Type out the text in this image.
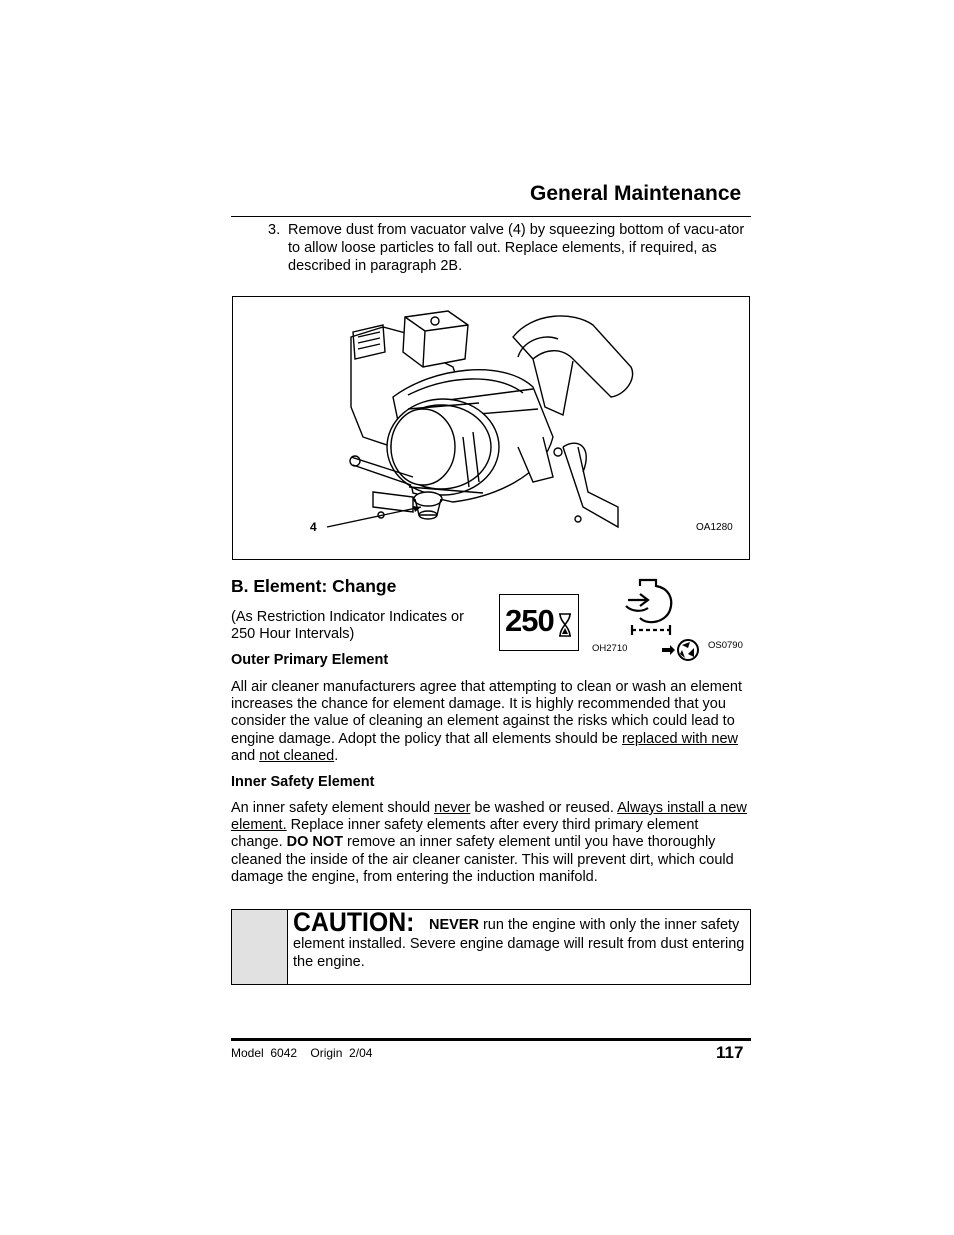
General Maintenance
3. Remove dust from vacuator valve (4) by squeezing bottom of vacu-ator to allow loose particles to fall out. Replace elements, if required, as described in paragraph 2B.
4	OA1280
B. Element: Change
(As Restriction Indicator Indicates or 250 Hour Intervals)	250
OH2710	OS0790
Outer Primary Element
All air cleaner manufacturers agree that attempting to clean or wash an element increases the chance for element damage. It is highly recommended that you consider the value of cleaning an element against the risks which could lead to engine damage. Adopt the policy that all elements should be replaced with new and not cleaned.
Inner Safety Element
An inner safety element should never be washed or reused. Always install a new element. Replace inner safety elements after every third primary element change. DO NOT remove an inner safety element until you have thoroughly cleaned the inside of the air cleaner canister. This will prevent dirt, which could damage the engine, from entering the induction manifold.
CAUTION: NEVER run the engine with only the inner safety element installed. Severe engine damage will result from dust entering the engine.
Model  6042    Origin  2/04	117
